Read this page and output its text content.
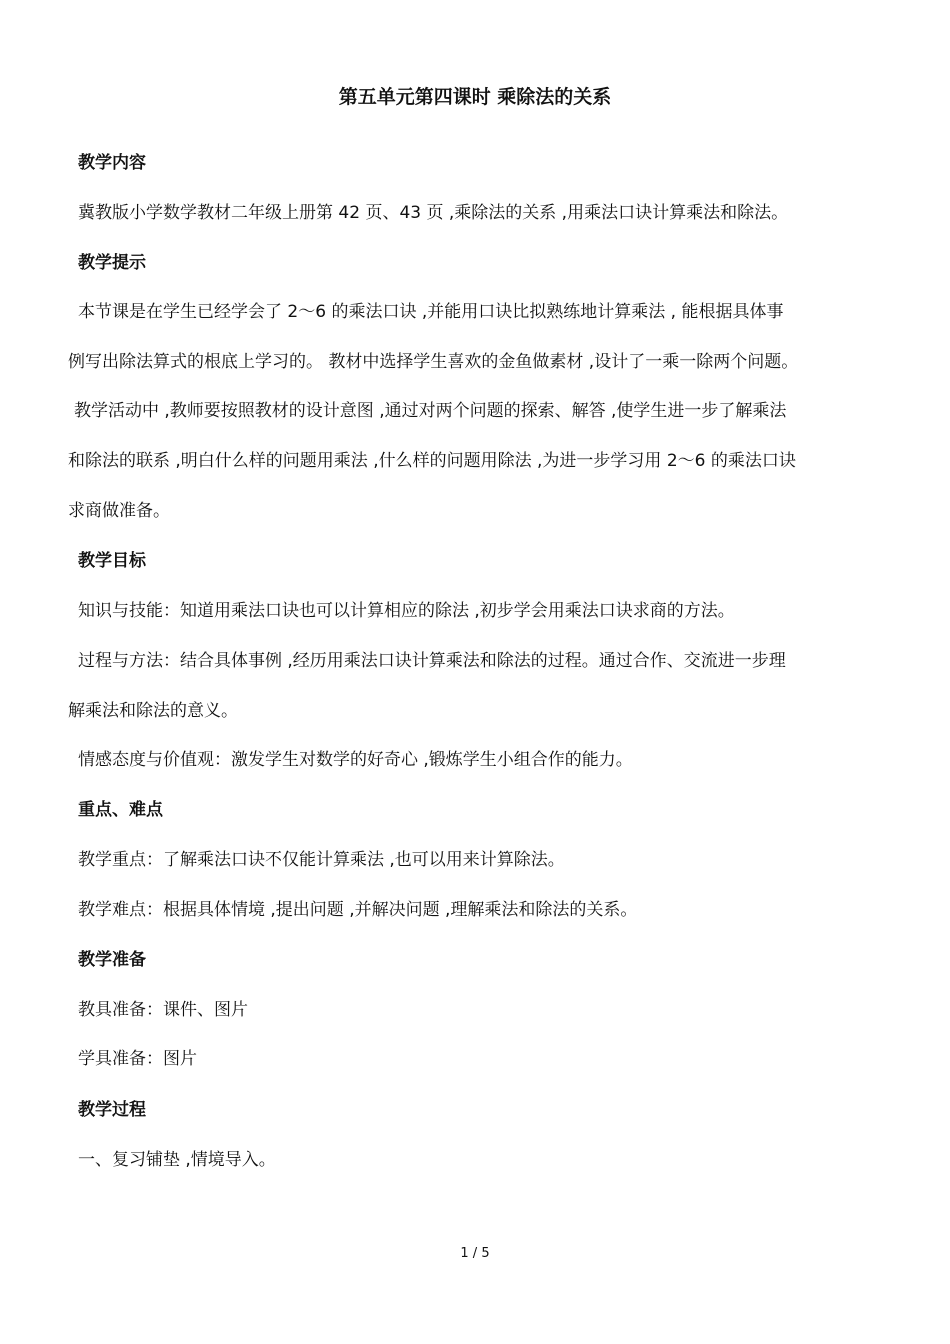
第五单元第四课时 乘除法的关系
教学内容
冀教版小学数学教材二年级上册第 42 页、43 页 ,乘除法的关系 ,用乘法口诀计算乘法和除法。
教学提示
本节课是在学生已经学会了 2～6 的乘法口诀 ,并能用口诀比拟熟练地计算乘法 , 能根据具体事
例写出除法算式的根底上学习的。 教材中选择学生喜欢的金鱼做素材 ,设计了一乘一除两个问题。
教学活动中 ,教师要按照教材的设计意图 ,通过对两个问题的探索、解答 ,使学生进一步了解乘法
和除法的联系 ,明白什么样的问题用乘法 ,什么样的问题用除法 ,为进一步学习用 2～6 的乘法口诀
求商做准备。
教学目标
知识与技能：知道用乘法口诀也可以计算相应的除法 ,初步学会用乘法口诀求商的方法。
过程与方法：结合具体事例 ,经历用乘法口诀计算乘法和除法的过程。通过合作、交流进一步理
解乘法和除法的意义。
情感态度与价值观：激发学生对数学的好奇心 ,锻炼学生小组合作的能力。
重点、难点
教学重点：了解乘法口诀不仅能计算乘法 ,也可以用来计算除法。
教学难点：根据具体情境 ,提出问题 ,并解决问题 ,理解乘法和除法的关系。
教学准备
教具准备：课件、图片
学具准备：图片
教学过程
一、复习铺垫 ,情境导入。
1 / 5
